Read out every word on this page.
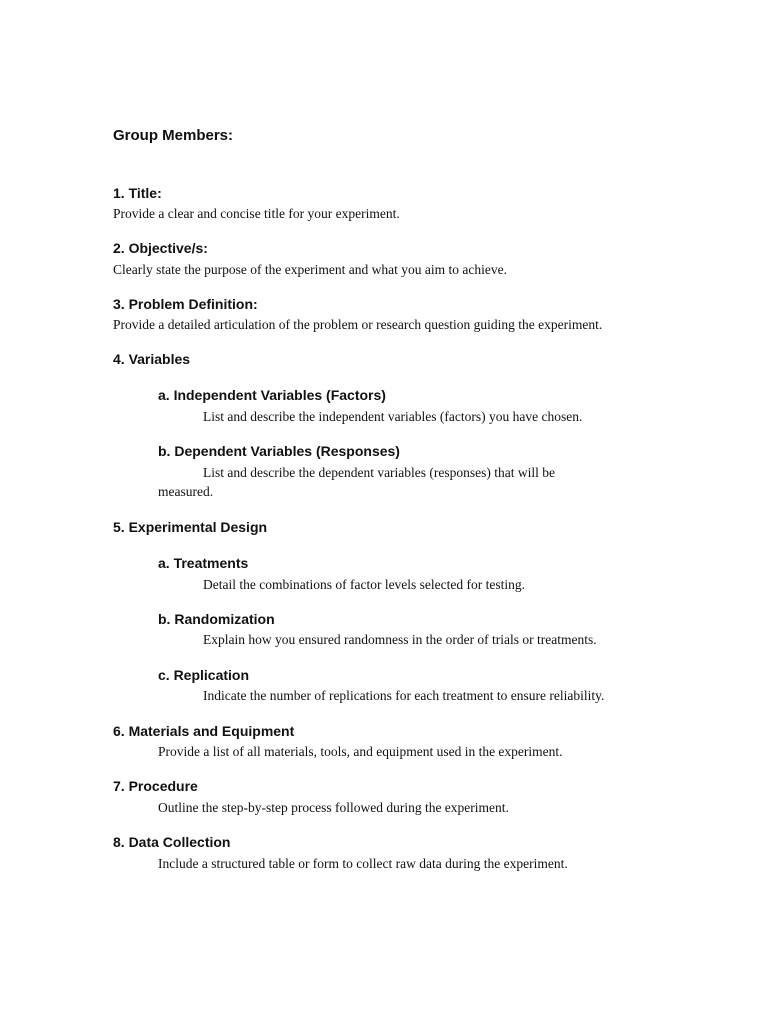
Group Members:
1. Title:
Provide a clear and concise title for your experiment.
2. Objective/s:
Clearly state the purpose of the experiment and what you aim to achieve.
3. Problem Definition:
Provide a detailed articulation of the problem or research question guiding the experiment.
4. Variables
a. Independent Variables (Factors)
List and describe the independent variables (factors) you have chosen.
b. Dependent Variables (Responses)
List and describe the dependent variables (responses) that will be
measured.
5. Experimental Design
a. Treatments
Detail the combinations of factor levels selected for testing.
b. Randomization
Explain how you ensured randomness in the order of trials or treatments.
c. Replication
Indicate the number of replications for each treatment to ensure reliability.
6. Materials and Equipment
Provide a list of all materials, tools, and equipment used in the experiment.
7. Procedure
Outline the step-by-step process followed during the experiment.
8. Data Collection
Include a structured table or form to collect raw data during the experiment.
